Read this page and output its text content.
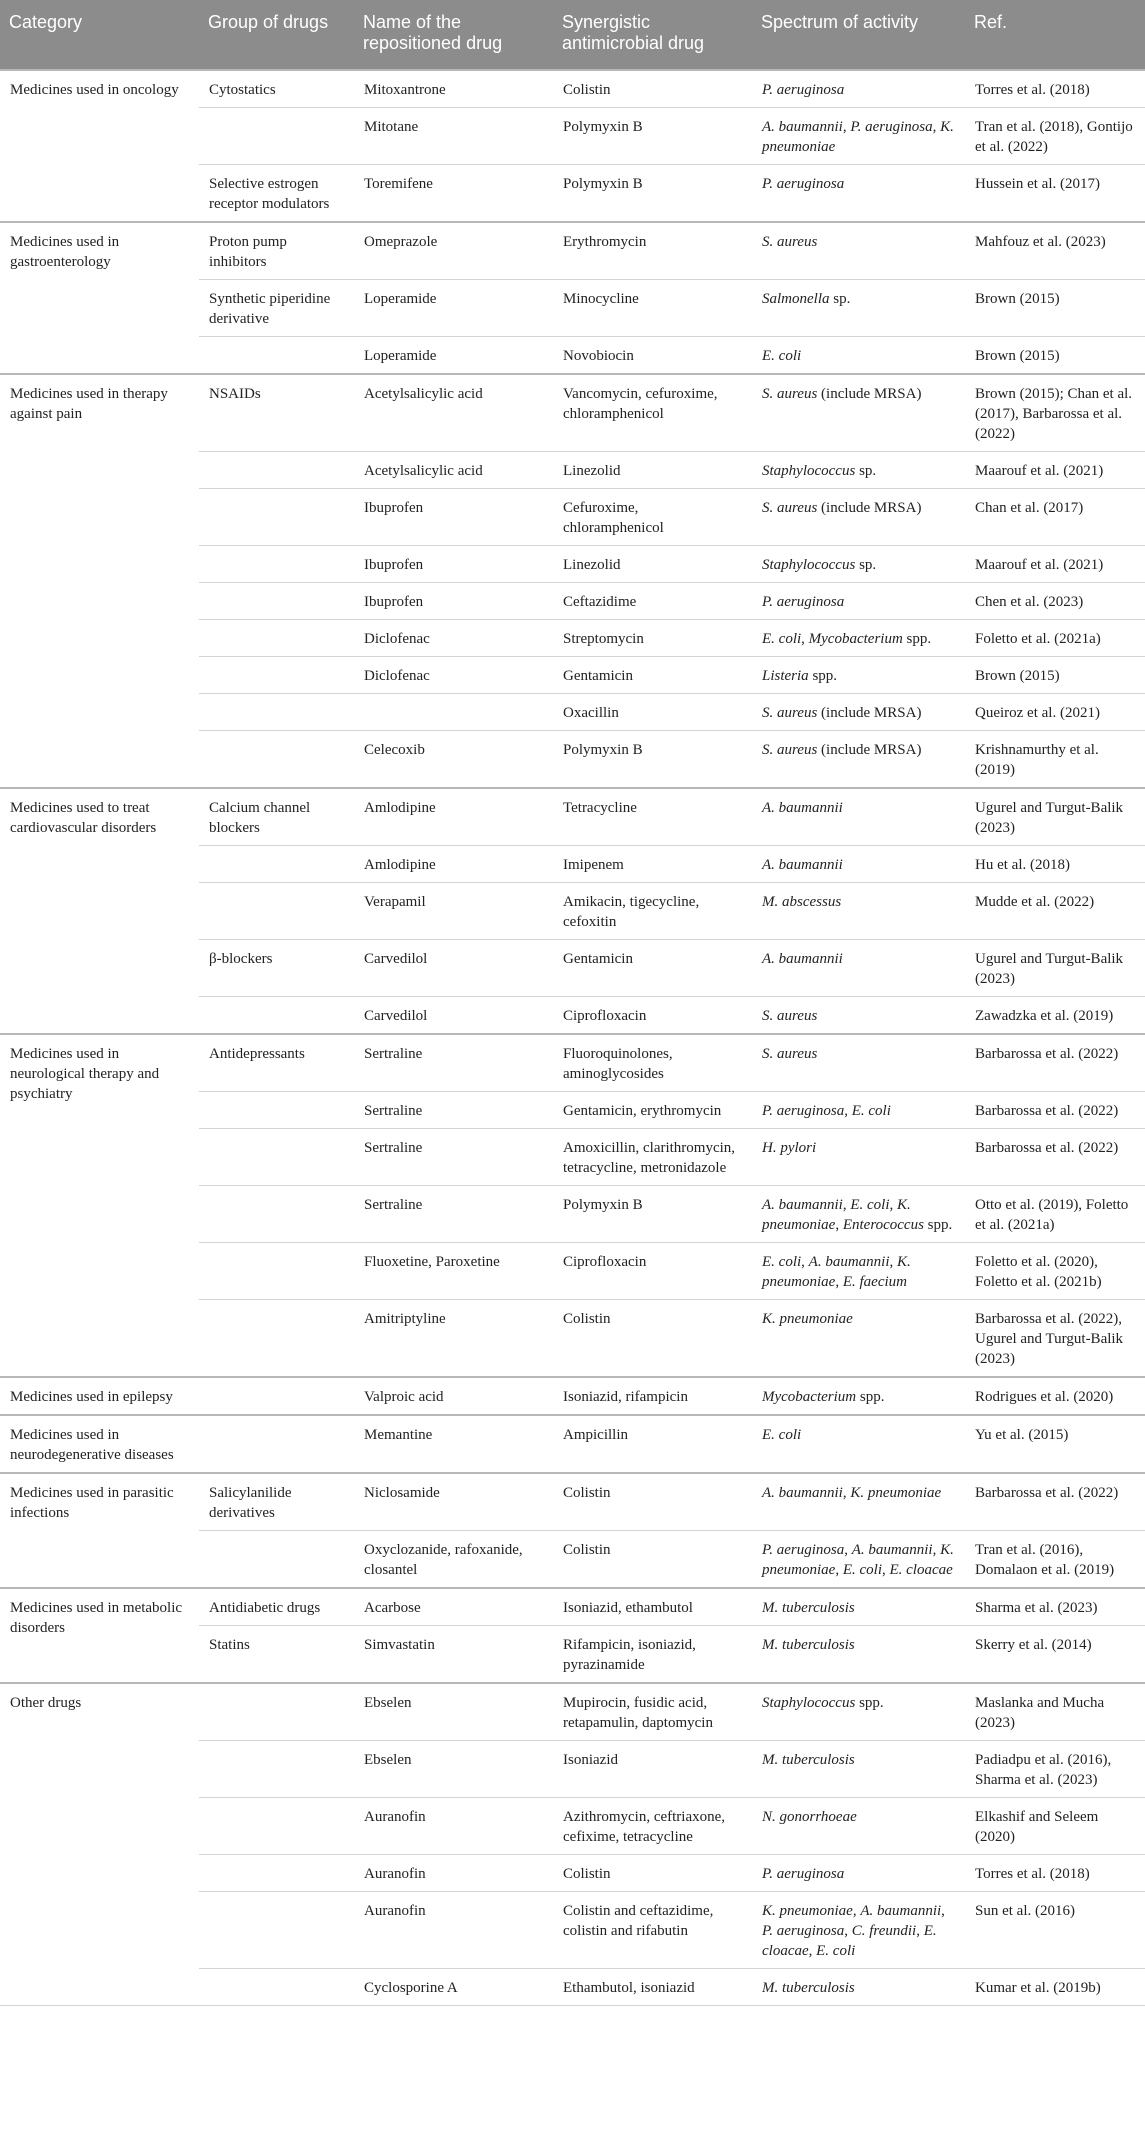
Category	Group of drugs	Name of the repositioned drug	Synergistic antimicrobial drug	Spectrum of activity	Ref.
Medicines used in oncology	Cytostatics	Mitoxantrone	Colistin	P. aeruginosa	Torres et al. (2018)
		Mitotane	Polymyxin B	A. baumannii, P. aeruginosa, K. pneumoniae	Tran et al. (2018), Gontijo et al. (2022)
	Selective estrogen receptor modulators	Toremifene	Polymyxin B	P. aeruginosa	Hussein et al. (2017)
Medicines used in gastroenterology	Proton pump inhibitors	Omeprazole	Erythromycin	S. aureus	Mahfouz et al. (2023)
	Synthetic piperidine derivative	Loperamide	Minocycline	Salmonella sp.	Brown (2015)
		Loperamide	Novobiocin	E. coli	Brown (2015)
Medicines used in therapy against pain	NSAIDs	Acetylsalicylic acid	Vancomycin, cefuroxime, chloramphenicol	S. aureus (include MRSA)	Brown (2015); Chan et al. (2017), Barbarossa et al. (2022)
		Acetylsalicylic acid	Linezolid	Staphylococcus sp.	Maarouf et al. (2021)
		Ibuprofen	Cefuroxime, chloramphenicol	S. aureus (include MRSA)	Chan et al. (2017)
		Ibuprofen	Linezolid	Staphylococcus sp.	Maarouf et al. (2021)
		Ibuprofen	Ceftazidime	P. aeruginosa	Chen et al. (2023)
		Diclofenac	Streptomycin	E. coli, Mycobacterium spp.	Foletto et al. (2021a)
		Diclofenac	Gentamicin	Listeria spp.	Brown (2015)
			Oxacillin	S. aureus (include MRSA)	Queiroz et al. (2021)
		Celecoxib	Polymyxin B	S. aureus (include MRSA)	Krishnamurthy et al. (2019)
Medicines used to treat cardiovascular disorders	Calcium channel blockers	Amlodipine	Tetracycline	A. baumannii	Ugurel and Turgut-Balik (2023)
		Amlodipine	Imipenem	A. baumannii	Hu et al. (2018)
		Verapamil	Amikacin, tigecycline, cefoxitin	M. abscessus	Mudde et al. (2022)
	β-blockers	Carvedilol	Gentamicin	A. baumannii	Ugurel and Turgut-Balik (2023)
		Carvedilol	Ciprofloxacin	S. aureus	Zawadzka et al. (2019)
Medicines used in neurological therapy and psychiatry	Antidepressants	Sertraline	Fluoroquinolones, aminoglycosides	S. aureus	Barbarossa et al. (2022)
		Sertraline	Gentamicin, erythromycin	P. aeruginosa, E. coli	Barbarossa et al. (2022)
		Sertraline	Amoxicillin, clarithromycin, tetracycline, metronidazole	H. pylori	Barbarossa et al. (2022)
		Sertraline	Polymyxin B	A. baumannii, E. coli, K. pneumoniae, Enterococcus spp.	Otto et al. (2019), Foletto et al. (2021a)
		Fluoxetine, Paroxetine	Ciprofloxacin	E. coli, A. baumannii, K. pneumoniae, E. faecium	Foletto et al. (2020), Foletto et al. (2021b)
		Amitriptyline	Colistin	K. pneumoniae	Barbarossa et al. (2022), Ugurel and Turgut-Balik (2023)
Medicines used in epilepsy		Valproic acid	Isoniazid, rifampicin	Mycobacterium spp.	Rodrigues et al. (2020)
Medicines used in neurodegenerative diseases		Memantine	Ampicillin	E. coli	Yu et al. (2015)
Medicines used in parasitic infections	Salicylanilide derivatives	Niclosamide	Colistin	A. baumannii, K. pneumoniae	Barbarossa et al. (2022)
		Oxyclozanide, rafoxanide, closantel	Colistin	P. aeruginosa, A. baumannii, K. pneumoniae, E. coli, E. cloacae	Tran et al. (2016), Domalaon et al. (2019)
Medicines used in metabolic disorders	Antidiabetic drugs	Acarbose	Isoniazid, ethambutol	M. tuberculosis	Sharma et al. (2023)
	Statins	Simvastatin	Rifampicin, isoniazid, pyrazinamide	M. tuberculosis	Skerry et al. (2014)
Other drugs		Ebselen	Mupirocin, fusidic acid, retapamulin, daptomycin	Staphylococcus spp.	Maslanka and Mucha (2023)
		Ebselen	Isoniazid	M. tuberculosis	Padiadpu et al. (2016), Sharma et al. (2023)
		Auranofin	Azithromycin, ceftriaxone, cefixime, tetracycline	N. gonorrhoeae	Elkashif and Seleem (2020)
		Auranofin	Colistin	P. aeruginosa	Torres et al. (2018)
		Auranofin	Colistin and ceftazidime, colistin and rifabutin	K. pneumoniae, A. baumannii, P. aeruginosa, C. freundii, E. cloacae, E. coli	Sun et al. (2016)
		Cyclosporine A	Ethambutol, isoniazid	M. tuberculosis	Kumar et al. (2019b)
